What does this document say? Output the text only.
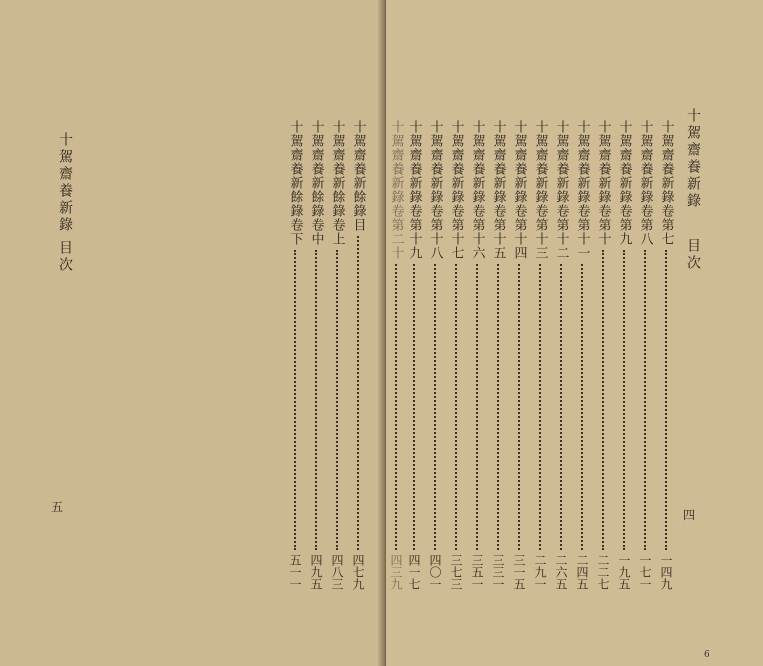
十駕齋養新錄
目次
五
十駕齋養新餘錄目
四七九
十駕齋養新餘錄卷上
四八三
十駕齋養新餘錄卷中
四九五
十駕齋養新餘錄卷下
五一一
十駕齋養新錄
目次
四
6
十駕齋養新錄卷第七
一四九
十駕齋養新錄卷第八
一七一
十駕齋養新錄卷第九
一九五
十駕齋養新錄卷第十
二二七
十駕齋養新錄卷第十一
二四五
十駕齋養新錄卷第十二
二六五
十駕齋養新錄卷第十三
二九一
十駕齋養新錄卷第十四
三一五
十駕齋養新錄卷第十五
三三一
十駕齋養新錄卷第十六
三五一
十駕齋養新錄卷第十七
三七三
十駕齋養新錄卷第十八
四〇一
十駕齋養新錄卷第十九
四一七
十駕齋養新錄卷第二十
四三九
